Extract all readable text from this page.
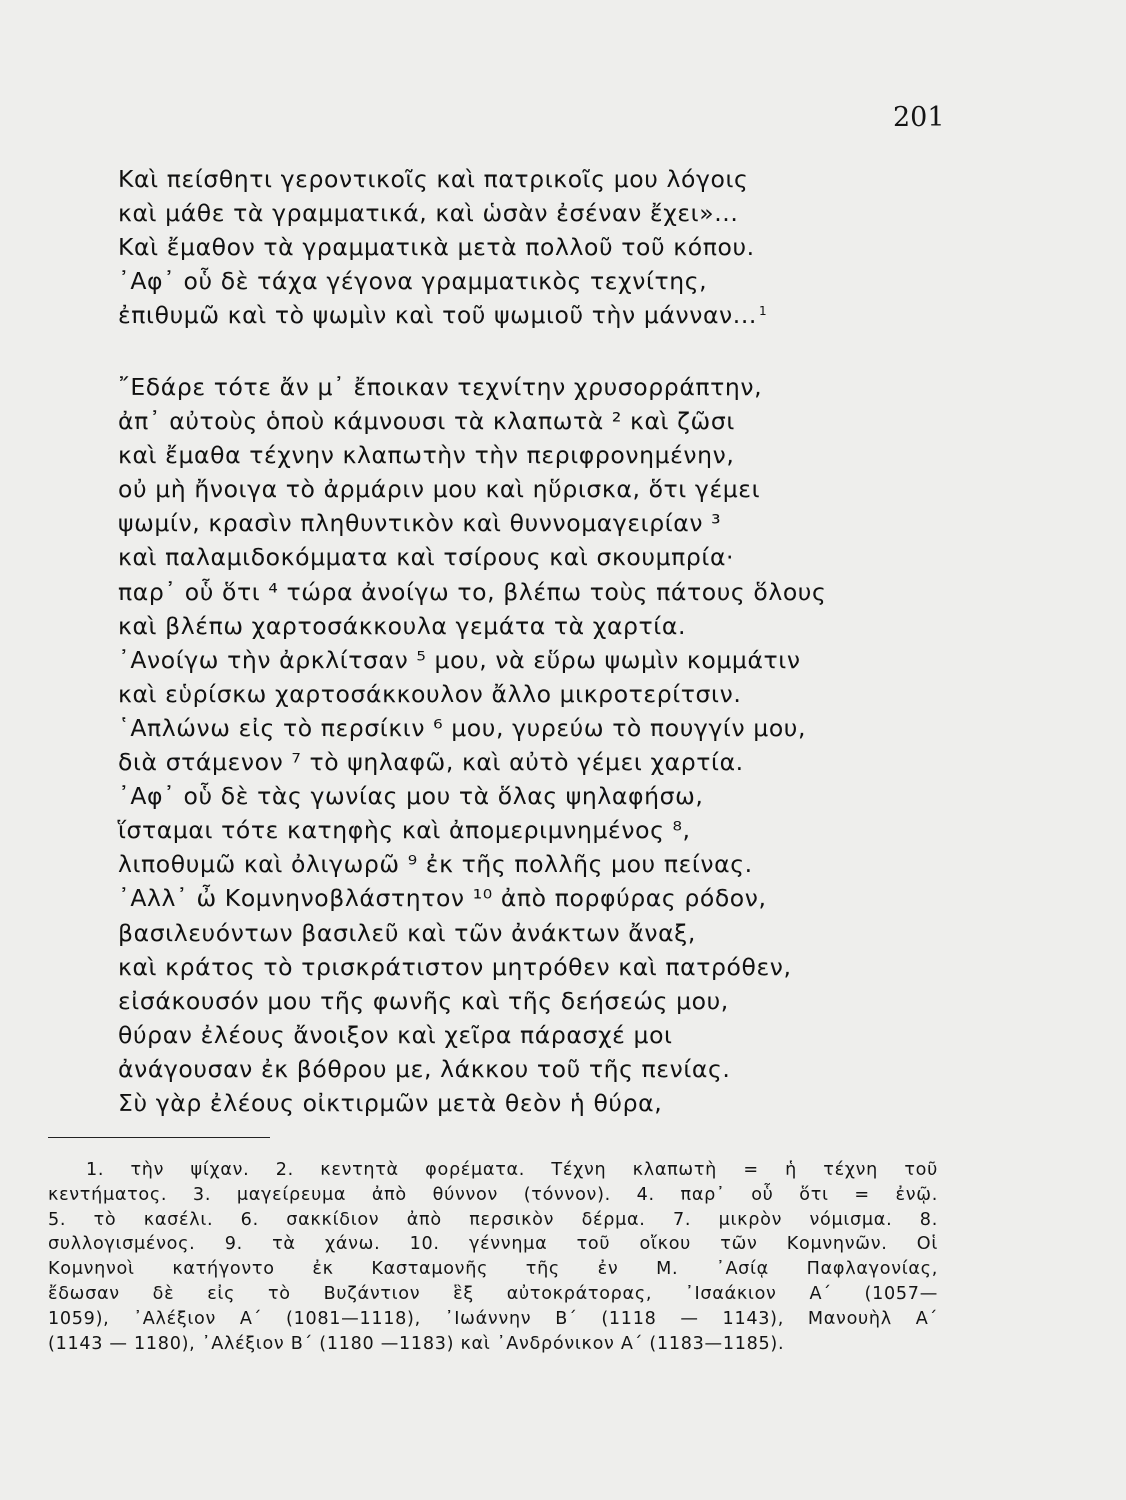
201
Καὶ πείσθητι γεροντικοῖς καὶ πατρικοῖς μου λόγοις
καὶ μάθε τὰ γραμματικά, καὶ ὡσὰν ἐσέναν ἔχει»...
Καὶ ἔμαθον τὰ γραμματικὰ μετὰ πολλοῦ τοῦ κόπου.
᾿Αφ᾿ οὗ δὲ τάχα γέγονα γραμματικὸς τεχνίτης,
ἐπιθυμῶ καὶ τὸ ψωμὶν καὶ τοῦ ψωμιοῦ τὴν μάνναν... $^1$
῎Εδάρε τότε ἄν μ᾿ ἔποικαν τεχνίτην χρυσορράπτην,
ἀπ᾿ αὐτοὺς ὁποὺ κάμνουσι τὰ κλαπωτὰ ² καὶ ζῶσι
καὶ ἔμαθα τέχνην κλαπωτὴν τὴν περιφρονημένην,
οὐ μὴ ἤνοιγα τὸ ἀρμάριν μου καὶ ηὕρισκα, ὅτι γέμει
ψωμίν, κρασὶν πληθυντικὸν καὶ θυννομαγειρίαν ³
καὶ παλαμιδοκόμματα καὶ τσίρους καὶ σκουμπρία·
παρ᾿ οὗ ὅτι ⁴ τώρα ἀνοίγω το, βλέπω τοὺς πάτους ὅλους
καὶ βλέπω χαρτοσάκκουλα γεμάτα τὰ χαρτία.
᾿Ανοίγω τὴν ἀρκλίτσαν ⁵ μου, νὰ εὕρω ψωμὶν κομμάτιν
καὶ εὑρίσκω χαρτοσάκκουλον ἄλλο μικροτερίτσιν.
῾Απλώνω εἰς τὸ περσίκιν ⁶ μου, γυρεύω τὸ πουγγίν μου,
διὰ στάμενον ⁷ τὸ ψηλαφῶ, καὶ αὐτὸ γέμει χαρτία.
᾿Αφ᾿ οὗ δὲ τὰς γωνίας μου τὰ ὅλας ψηλαφήσω,
ἵσταμαι τότε κατηφὴς καὶ ἀπομεριμνημένος ⁸,
λιποθυμῶ καὶ ὀλιγωρῶ ⁹ ἐκ τῆς πολλῆς μου πείνας.
᾿Αλλ᾿ ὦ Κομνηνοβλάστητον ¹⁰ ἀπὸ πορφύρας ρόδον,
βασιλευόντων βασιλεῦ καὶ τῶν ἀνάκτων ἄναξ,
καὶ κράτος τὸ τρισκράτιστον μητρόθεν καὶ πατρόθεν,
εἰσάκουσόν μου τῆς φωνῆς καὶ τῆς δεήσεώς μου,
θύραν ἐλέους ἄνοιξον καὶ χεῖρα πάρασχέ μοι
ἀνάγουσαν ἐκ βόθρου με, λάκκου τοῦ τῆς πενίας.
Σὺ γὰρ ἐλέους οἰκτιρμῶν μετὰ θεὸν ἡ θύρα,
1. τὴν ψίχαν. 2. κεντητὰ φορέματα. Τέχνη κλαπωτὴ = ἡ τέχνη τοῦ
κεντήματος. 3. μαγείρευμα ἀπὸ θύννον (τόννον). 4. παρ᾿ οὗ ὅτι = ἐνῷ.
5. τὸ κασέλι. 6. σακκίδιον ἀπὸ περσικὸν δέρμα. 7. μικρὸν νόμισμα. 8.
συλλογισμένος. 9. τὰ χάνω. 10. γέννημα τοῦ οἴκου τῶν Κομνηνῶν. Οἱ
Κομνηνοὶ κατήγοντο ἐκ Κασταμονῆς τῆς ἐν Μ. ᾿Ασίᾳ Παφλαγονίας,
ἔδωσαν δὲ εἰς τὸ Βυζάντιον ἓξ αὐτοκράτορας, ᾿Ισαάκιον Α΄ (1057—
1059), ᾿Αλέξιον Α΄ (1081—1118), ᾿Ιωάννην Β΄ (1118 — 1143), Μανουὴλ Α΄
(1143 — 1180), ᾿Αλέξιον Β΄ (1180 —1183) καὶ ᾿Ανδρόνικον Α΄ (1183—1185).
